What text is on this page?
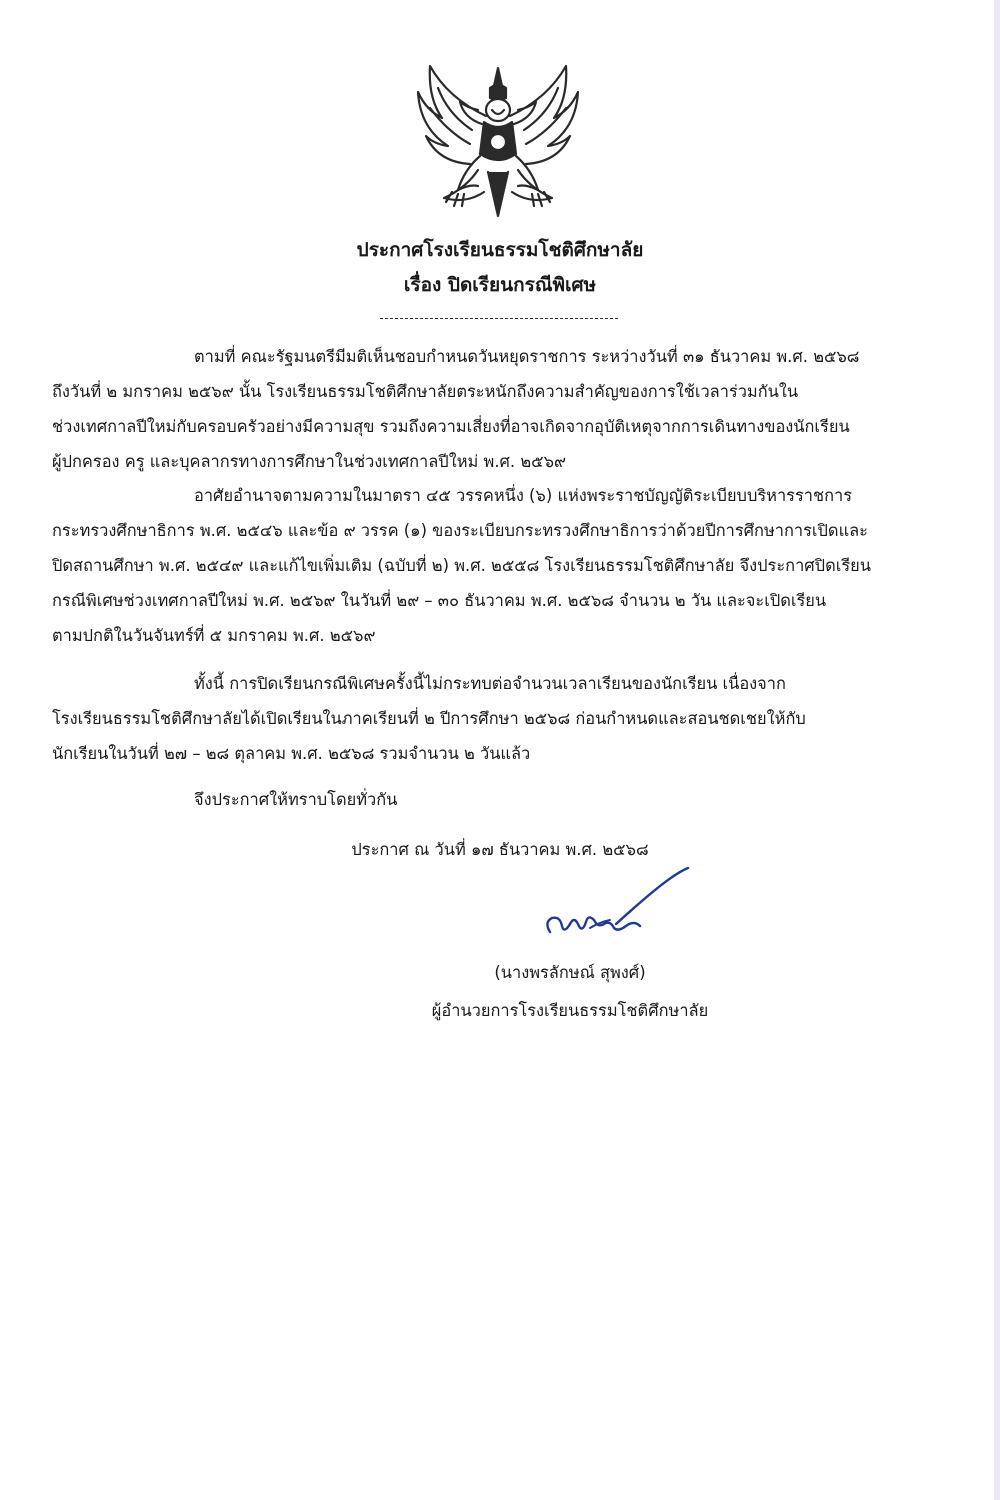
ประกาศโรงเรียนธรรมโชติศึกษาลัย
เรื่อง ปิดเรียนกรณีพิเศษ

ตามที่ คณะรัฐมนตรีมีมติเห็นชอบกำหนดวันหยุดราชการ ระหว่างวันที่ ๓๑ ธันวาคม พ.ศ. ๒๕๖๘
ถึงวันที่ ๒ มกราคม ๒๕๖๙ นั้น โรงเรียนธรรมโชติศึกษาลัยตระหนักถึงความสำคัญของการใช้เวลาร่วมกันใน
ช่วงเทศกาลปีใหม่กับครอบครัวอย่างมีความสุข รวมถึงความเสี่ยงที่อาจเกิดจากอุบัติเหตุจากการเดินทางของนักเรียน
ผู้ปกครอง ครู และบุคลากรทางการศึกษาในช่วงเทศกาลปีใหม่ พ.ศ. ๒๕๖๙

อาศัยอำนาจตามความในมาตรา ๔๕ วรรคหนึ่ง (๖) แห่งพระราชบัญญัติระเบียบบริหารราชการ
กระทรวงศึกษาธิการ พ.ศ. ๒๕๔๖ และข้อ ๙ วรรค (๑) ของระเบียบกระทรวงศึกษาธิการว่าด้วยปีการศึกษาการเปิดและ
ปิดสถานศึกษา พ.ศ. ๒๕๔๙ และแก้ไขเพิ่มเติม (ฉบับที่ ๒) พ.ศ. ๒๕๕๘ โรงเรียนธรรมโชติศึกษาลัย จึงประกาศปิดเรียน
กรณีพิเศษช่วงเทศกาลปีใหม่ พ.ศ. ๒๕๖๙ ในวันที่ ๒๙ – ๓๐ ธันวาคม พ.ศ. ๒๕๖๘ จำนวน ๒ วัน และจะเปิดเรียน
ตามปกติในวันจันทร์ที่ ๕ มกราคม พ.ศ. ๒๕๖๙

ทั้งนี้ การปิดเรียนกรณีพิเศษครั้งนี้ไม่กระทบต่อจำนวนเวลาเรียนของนักเรียน เนื่องจาก
โรงเรียนธรรมโชติศึกษาลัยได้เปิดเรียนในภาคเรียนที่ ๒ ปีการศึกษา ๒๕๖๘ ก่อนกำหนดและสอนชดเชยให้กับ
นักเรียนในวันที่ ๒๗ – ๒๘ ตุลาคม พ.ศ. ๒๕๖๘ รวมจำนวน ๒ วันแล้ว

จึงประกาศให้ทราบโดยทั่วกัน
ประกาศ ณ วันที่ ๑๗ ธันวาคม พ.ศ. ๒๕๖๘
(นางพรลักษณ์ สุพงศ์)
ผู้อำนวยการโรงเรียนธรรมโชติศึกษาลัย
